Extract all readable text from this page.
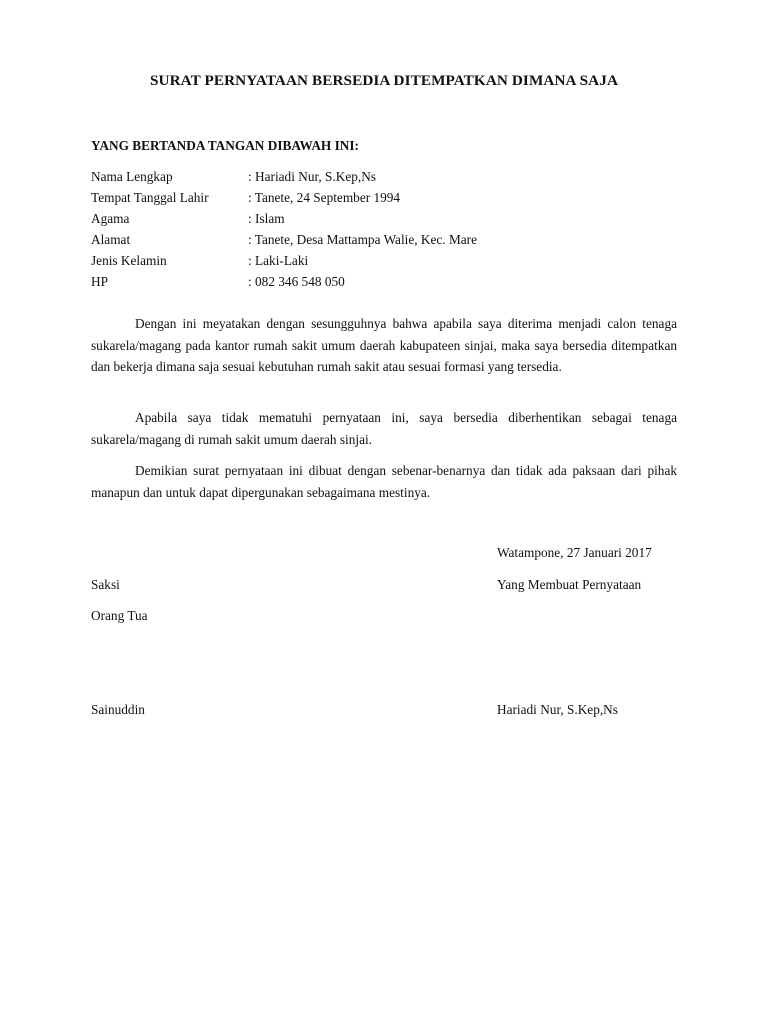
SURAT PERNYATAAN BERSEDIA DITEMPATKAN DIMANA SAJA
YANG BERTANDA TANGAN DIBAWAH INI:
Nama Lengkap	: Hariadi Nur, S.Kep,Ns
Tempat Tanggal Lahir	: Tanete, 24 September 1994
Agama	: Islam
Alamat	: Tanete, Desa Mattampa Walie, Kec. Mare
Jenis Kelamin	: Laki-Laki
HP	: 082 346 548 050

Dengan ini meyatakan dengan sesungguhnya bahwa apabila saya diterima menjadi calon tenaga sukarela/magang pada kantor rumah sakit umum daerah kabupateen sinjai, maka saya bersedia ditempatkan dan bekerja dimana saja sesuai kebutuhan rumah sakit atau sesuai formasi yang tersedia.

Apabila saya tidak mematuhi pernyataan ini, saya bersedia diberhentikan sebagai tenaga sukarela/magang di rumah sakit umum daerah sinjai.

Demikian surat pernyataan ini dibuat dengan sebenar-benarnya dan tidak ada paksaan dari pihak manapun dan untuk dapat dipergunakan sebagaimana mestinya.

Watampone, 27 Januari 2017
Saksi	Yang Membuat Pernyataan
Orang Tua
Sainuddin	Hariadi Nur, S.Kep,Ns
